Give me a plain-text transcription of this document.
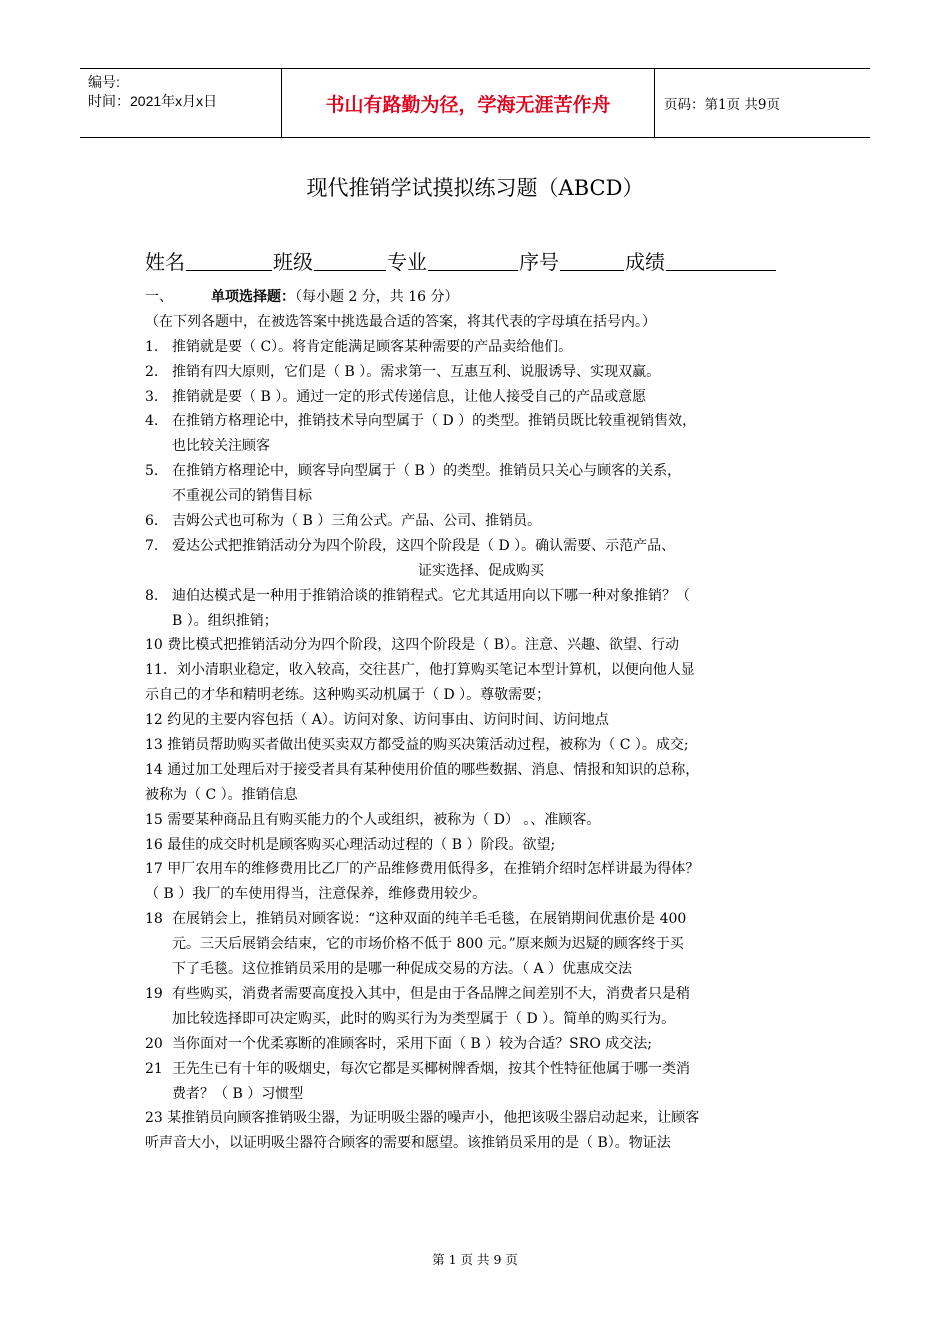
编号:
时间：2021年x月x日	书山有路勤为径，学海无涯苦作舟	页码：第1页 共9页
现代推销学试摸拟练习题（ABCD）
姓名	班级	专业	序号	成绩
一、	单项选择题：（每小题 2 分，共 16 分）
（在下列各题中，在被选答案中挑选最合适的答案，将其代表的字母填在括号内。）
1. 推销就是要（ C）。将肯定能满足顾客某种需要的产品卖给他们。
2. 推销有四大原则，它们是（ B ）。需求第一、互惠互利、说服诱导、实现双赢。
3. 推销就是要（ B ）。通过一定的形式传递信息，让他人接受自己的产品或意愿
4. 在推销方格理论中，推销技术导向型属于（ D ）的类型。推销员既比较重视销售效，
也比较关注顾客
5. 在推销方格理论中，顾客导向型属于（ B ）的类型。推销员只关心与顾客的关系，
不重视公司的销售目标
6. 吉姆公式也可称为（ B ）三角公式。产品、公司、推销员。
7. 爱达公式把推销活动分为四个阶段，这四个阶段是（ D ）。确认需要、示范产品、
证实选择、促成购买
8. 迪伯达模式是一种用于推销洽谈的推销程式。它尤其适用向以下哪一种对象推销？（
B ）。组织推销；
10 费比模式把推销活动分为四个阶段，这四个阶段是（ B）。注意、兴趣、欲望、行动
11．刘小清职业稳定，收入较高，交往甚广，他打算购买笔记本型计算机，以便向他人显
示自己的才华和精明老练。这种购买动机属于（ D ）。尊敬需要；
12 约见的主要内容包括（ A）。访问对象、访问事由、访问时间、访问地点
13 推销员帮助购买者做出使买卖双方都受益的购买决策活动过程，被称为（ C ）。成交;
14 通过加工处理后对于接受者具有某种使用价值的哪些数据、消息、情报和知识的总称，
被称为（ C ）。推销信息
15 需要某种商品且有购买能力的个人或组织，被称为（ D） 。、准顾客。
16 最佳的成交时机是顾客购买心理活动过程的（ B ）阶段。欲望;
17 甲厂农用车的维修费用比乙厂的产品维修费用低得多，在推销介绍时怎样讲最为得体？
（ B ）我厂的车使用得当，注意保养，维修费用较少。
18 在展销会上，推销员对顾客说：“这种双面的纯羊毛毛毯，在展销期间优惠价是 400
元。三天后展销会结束，它的市场价格不低于 800 元。”原来颇为迟疑的顾客终于买
下了毛毯。这位推销员采用的是哪一种促成交易的方法。（ A ）优惠成交法
19 有些购买，消费者需要高度投入其中，但是由于各品牌之间差别不大，消费者只是稍
加比较选择即可决定购买，此时的购买行为为类型属于（ D ）。简单的购买行为。
20 当你面对一个优柔寡断的准顾客时，采用下面（ B ）较为合适？SRO 成交法;
21 王先生已有十年的吸烟史，每次它都是买椰树牌香烟，按其个性特征他属于哪一类消
费者？（ B ）习惯型
23 某推销员向顾客推销吸尘器，为证明吸尘器的噪声小，他把该吸尘器启动起来，让顾客
听声音大小，以证明吸尘器符合顾客的需要和愿望。该推销员采用的是（ B）。物证法
第 1 页 共 9 页
